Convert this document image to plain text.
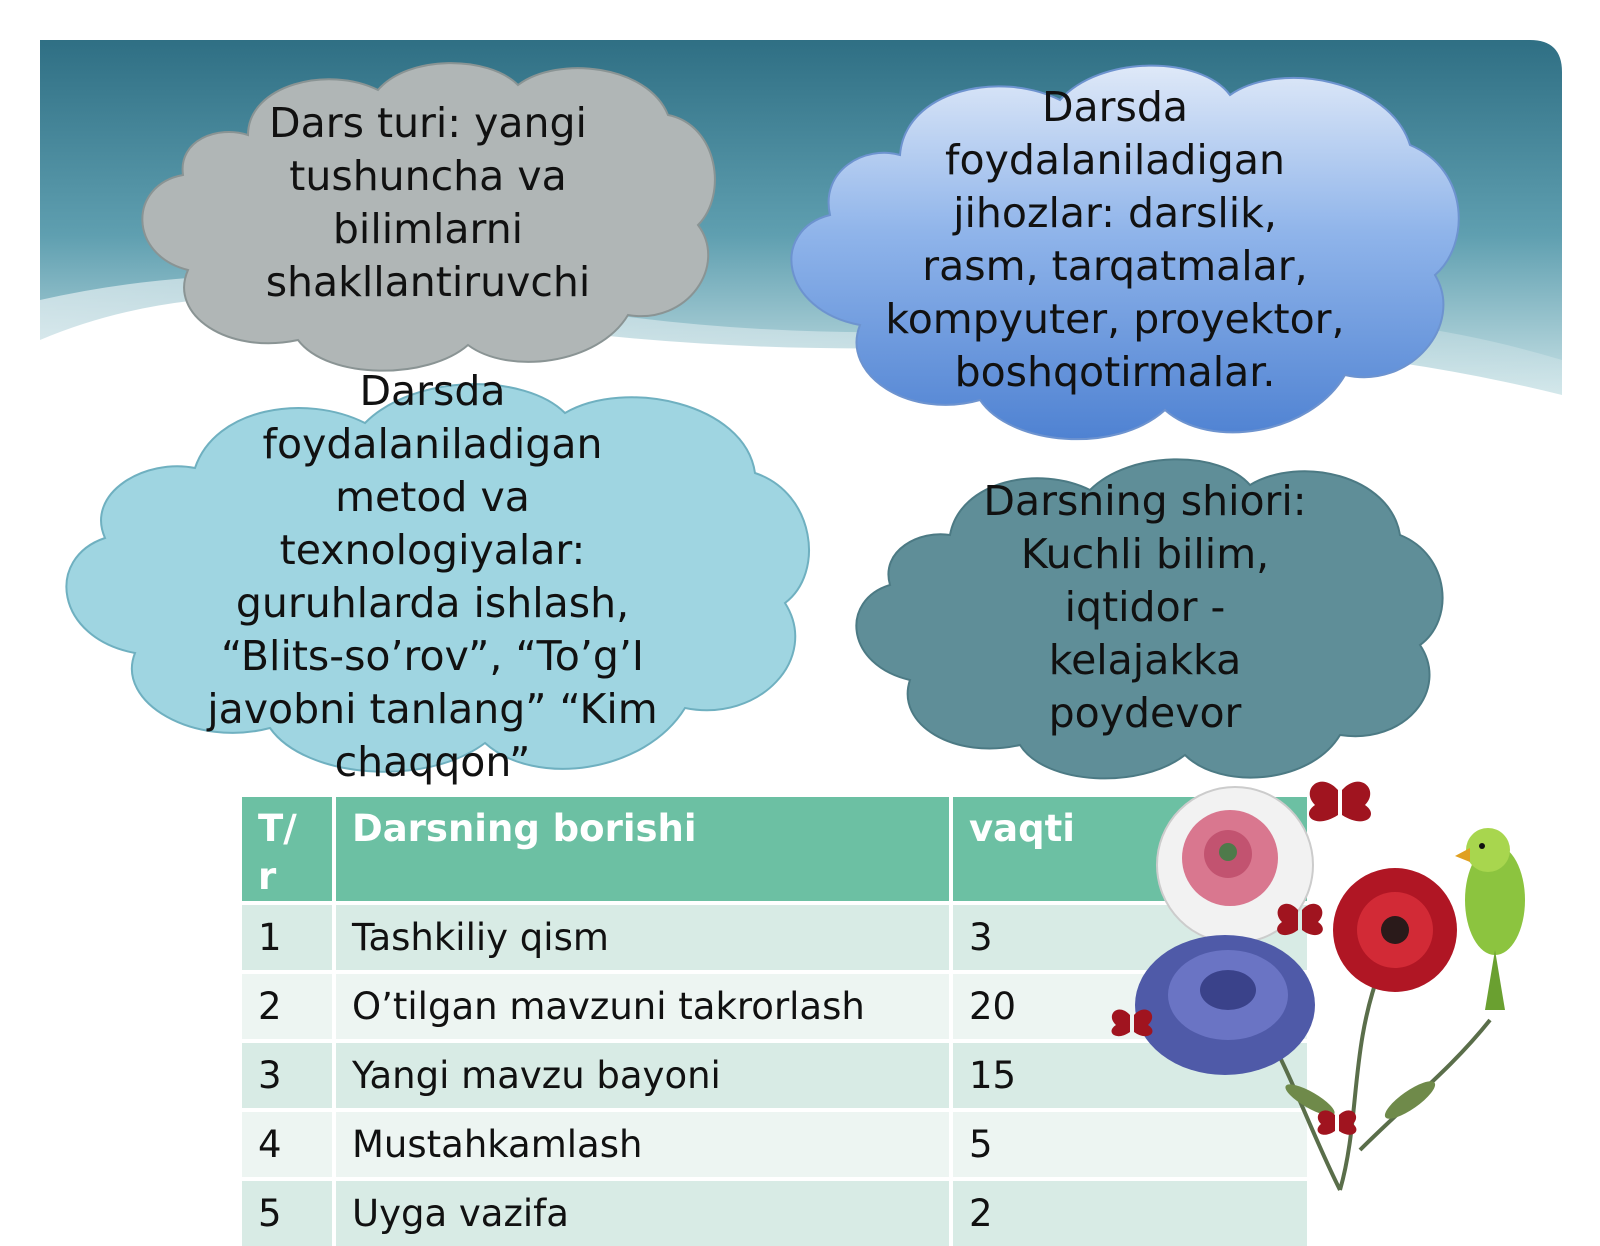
Dars turi: yangi
tushuncha va
bilimlarni
shakllantiruvchi
Darsda
foydalaniladigan
jihozlar: darslik,
rasm, tarqatmalar,
kompyuter, proyektor,
boshqotirmalar.
Darsda
foydalaniladigan
metod va
texnologiyalar:
guruhlarda ishlash,
“Blits-so’rov”, “To’g’I
javobni tanlang” “Kim
chaqqon”
Darsning shiori:
Kuchli bilim,
iqtidor -
kelajakka
poydevor
T/ r	Darsning borishi	vaqti
1	Tashkiliy qism	3
2	O’tilgan mavzuni takrorlash	20
3	Yangi mavzu bayoni	15
4	Mustahkamlash	5
5	Uyga vazifa	2
